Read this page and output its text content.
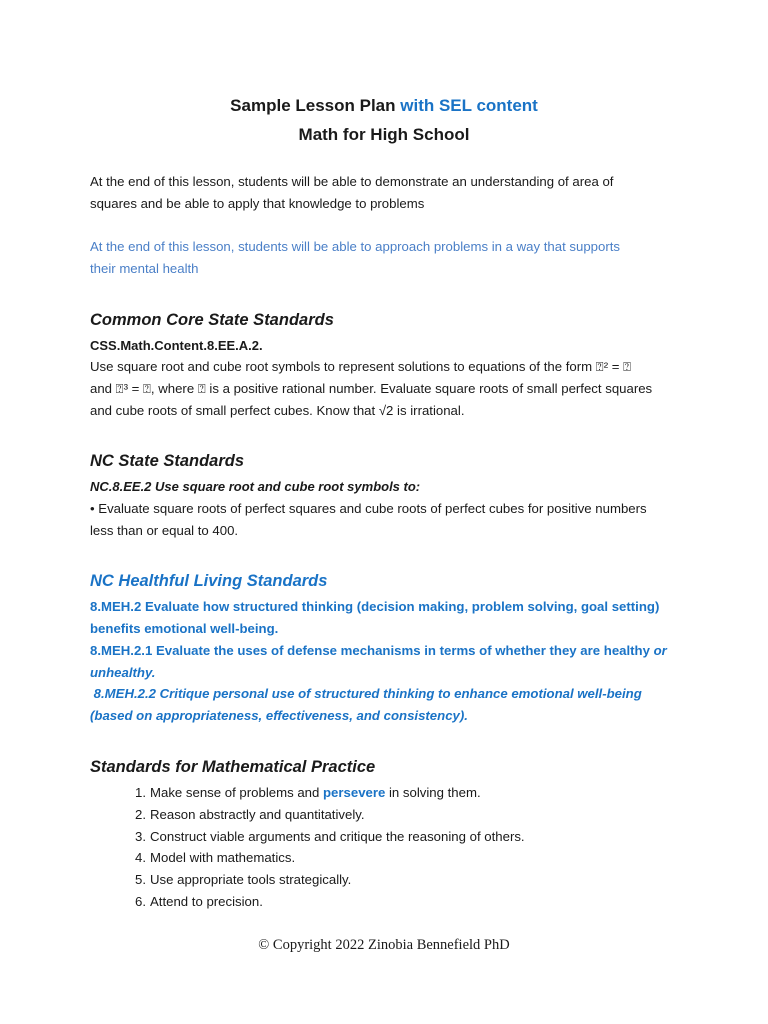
Sample Lesson Plan with SEL content
Math for High School
At the end of this lesson, students will be able to demonstrate an understanding of area of
squares and be able to apply that knowledge to problems
At the end of this lesson, students will be able to approach problems in a way that supports
their mental health
Common Core State Standards
CSS.Math.Content.8.EE.A.2.
Use square root and cube root symbols to represent solutions to equations of the form ⍰² = ⍰
and ⍰³ = ⍰, where ⍰ is a positive rational number. Evaluate square roots of small perfect squares
and cube roots of small perfect cubes. Know that √2 is irrational.
NC State Standards
NC.8.EE.2 Use square root and cube root symbols to:
• Evaluate square roots of perfect squares and cube roots of perfect cubes for positive numbers
less than or equal to 400.
NC Healthful Living Standards
8.MEH.2 Evaluate how structured thinking (decision making, problem solving, goal setting)
benefits emotional well-being.
8.MEH.2.1 Evaluate the uses of defense mechanisms in terms of whether they are healthy or
unhealthy.
8.MEH.2.2 Critique personal use of structured thinking to enhance emotional well-being
(based on appropriateness, effectiveness, and consistency).
Standards for Mathematical Practice
1. Make sense of problems and persevere in solving them.
2. Reason abstractly and quantitatively.
3. Construct viable arguments and critique the reasoning of others.
4. Model with mathematics.
5. Use appropriate tools strategically.
6. Attend to precision.
© Copyright 2022 Zinobia Bennefield PhD
